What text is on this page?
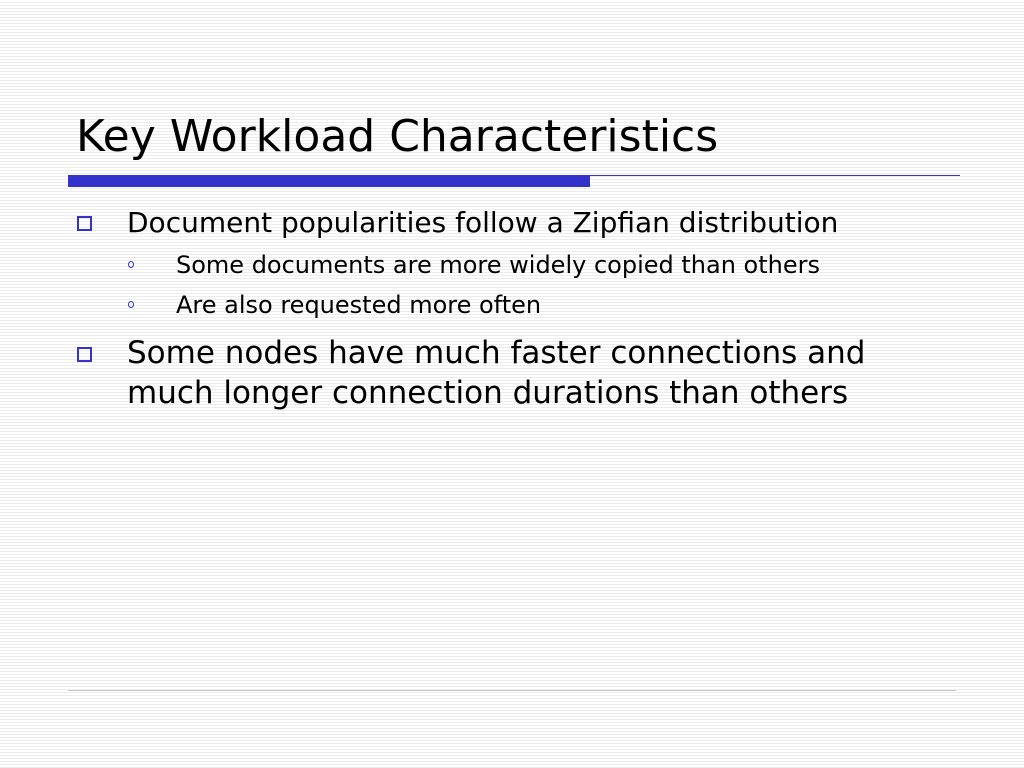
Key Workload Characteristics
Document popularities follow a Zipfian distribution
Some documents are more widely copied than others
Are also requested more often
Some nodes have much faster connections and much longer connection durations than others
